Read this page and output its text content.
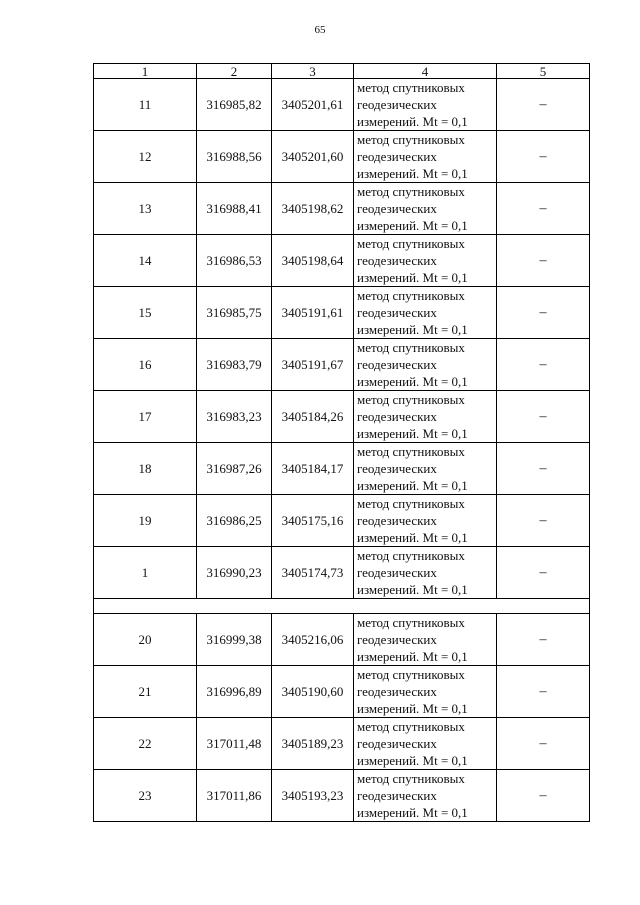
65
1	2	3	4	5
11	316985,82	3405201,61	метод спутниковых
геодезических
измерений. Mt = 0,1	–
12	316988,56	3405201,60	метод спутниковых
геодезических
измерений. Mt = 0,1	–
13	316988,41	3405198,62	метод спутниковых
геодезических
измерений. Mt = 0,1	–
14	316986,53	3405198,64	метод спутниковых
геодезических
измерений. Mt = 0,1	–
15	316985,75	3405191,61	метод спутниковых
геодезических
измерений. Mt = 0,1	–
16	316983,79	3405191,67	метод спутниковых
геодезических
измерений. Mt = 0,1	–
17	316983,23	3405184,26	метод спутниковых
геодезических
измерений. Mt = 0,1	–
18	316987,26	3405184,17	метод спутниковых
геодезических
измерений. Mt = 0,1	–
19	316986,25	3405175,16	метод спутниковых
геодезических
измерений. Mt = 0,1	–
1	316990,23	3405174,73	метод спутниковых
геодезических
измерений. Mt = 0,1	–

20	316999,38	3405216,06	метод спутниковых
геодезических
измерений. Mt = 0,1	–
21	316996,89	3405190,60	метод спутниковых
геодезических
измерений. Mt = 0,1	–
22	317011,48	3405189,23	метод спутниковых
геодезических
измерений. Mt = 0,1	–
23	317011,86	3405193,23	метод спутниковых
геодезических
измерений. Mt = 0,1	–
